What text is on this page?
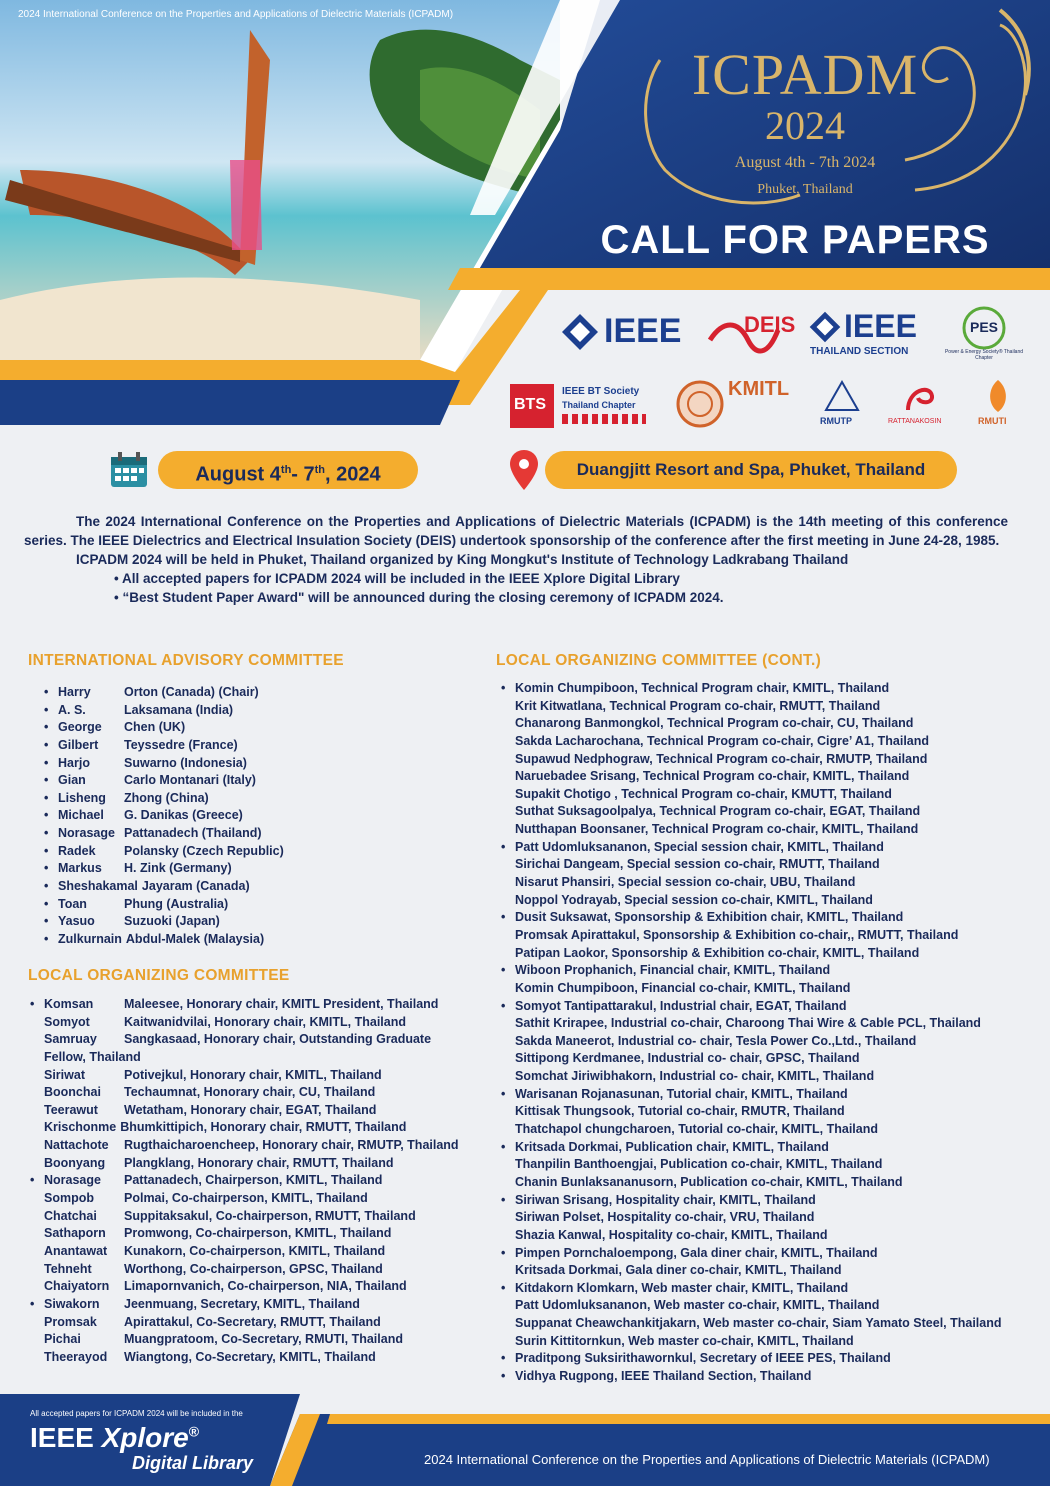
2024 International Conference on the Properties and Applications of Dielectric Materials (ICPADM)
ICPADM
2024
August 4th - 7th 2024
Phuket, Thailand
CALL FOR PAPERS
IEEE	DEIS IEEE
THAILAND SECTION
PES
Power & Energy Society® Thailand Chapter
BTS
IEEE BT Society
Thailand Chapter
KMITL
RMUTP	RATTANAKOSIN	RMUTI
August 4th- 7th, 2024	Duangjitt Resort and Spa, Phuket, Thailand

The 2024 International Conference on the Properties and Applications of Dielectric Materials (ICPADM) is the 14th meeting of this conference series. The IEEE Dielectrics and Electrical Insulation Society (DEIS) undertook sponsorship of the conference after the first meeting in June 24-28, 1985.

ICPADM 2024 will be held in Phuket, Thailand organized by King Mongkut's Institute of Technology Ladkrabang Thailand

• All accepted papers for ICPADM 2024 will be included in the IEEE Xplore Digital Library

• “Best Student Paper Award" will be announced during the closing ceremony of ICPADM 2024.

INTERNATIONAL ADVISORY COMMITTEE
• Harry	Orton (Canada) (Chair)
• A. S.	Laksamana (India)
• George Chen (UK)
• Gilbert Teyssedre (France)
• Harjo	Suwarno (Indonesia)
• Gian	Carlo Montanari (Italy)
• Lisheng Zhong (China)
• Michael G. Danikas (Greece)
• Norasage Pattanadech (Thailand)
• Radek Polansky (Czech Republic)
• Markus H. Zink (Germany)
• Sheshakamal Jayaram (Canada)
• Toan	Phung (Australia)
• Yasuo Suzuoki (Japan)
• Zulkurnain Abdul-Malek (Malaysia)
LOCAL ORGANIZING COMMITTEE
• Komsan Maleesee, Honorary chair, KMITL President, Thailand
Somyot	Kaitwanidvilai, Honorary chair, KMITL, Thailand
Samruay Sangkasaad, Honorary chair, Outstanding Graduate
Fellow, Thailand
Siriwat	Potivejkul, Honorary chair, KMITL, Thailand
Boonchai Techaumnat, Honorary chair, CU, Thailand
Teerawut Wetatham, Honorary chair, EGAT, Thailand
Krischonme Bhumkittipich, Honorary chair, RMUTT, Thailand
Nattachote Rugthaicharoencheep, Honorary chair, RMUTP, Thailand
Boonyang Plangklang, Honorary chair, RMUTT, Thailand
• Norasage Pattanadech, Chairperson, KMITL, Thailand
Sompob Polmai, Co-chairperson, KMITL, Thailand
Chatchai Suppitaksakul, Co-chairperson, RMUTT, Thailand
Sathaporn Promwong, Co-chairperson, KMITL, Thailand
Anantawat Kunakorn, Co-chairperson, KMITL, Thailand
Tehneht	Worthong, Co-chairperson, GPSC, Thailand
Chaiyatorn Limapornvanich, Co-chairperson, NIA, Thailand
• Siwakorn Jeenmuang, Secretary, KMITL, Thailand
Promsak Apirattakul, Co-Secretary, RMUTT, Thailand
Pichai	Muangpratoom, Co-Secretary, RMUTI, Thailand
Theerayod Wiangtong, Co-Secretary, KMITL, Thailand
LOCAL ORGANIZING COMMITTEE (CONT.)
• Komin Chumpiboon, Technical Program chair, KMITL, Thailand
Krit Kitwatlana, Technical Program co-chair, RMUTT, Thailand
Chanarong Banmongkol, Technical Program co-chair, CU, Thailand
Sakda Lacharochana, Technical Program co-chair, Cigre’ A1, Thailand
Supawud Nedphograw, Technical Program co-chair, RMUTP, Thailand
Naruebadee Srisang, Technical Program co-chair, KMITL, Thailand
Supakit Chotigo , Technical Program co-chair, KMUTT, Thailand
Suthat Suksagoolpalya, Technical Program co-chair, EGAT, Thailand
Nutthapan Boonsaner, Technical Program co-chair, KMITL, Thailand
• Patt Udomluksananon, Special session chair, KMITL, Thailand
Sirichai Dangeam, Special session co-chair, RMUTT, Thailand
Nisarut Phansiri, Special session co-chair, UBU, Thailand
Noppol Yodrayab, Special session co-chair, KMITL, Thailand
• Dusit Suksawat, Sponsorship & Exhibition chair, KMITL, Thailand
Promsak Apirattakul, Sponsorship & Exhibition co-chair,, RMUTT, Thailand
Patipan Laokor, Sponsorship & Exhibition co-chair, KMITL, Thailand
• Wiboon Prophanich, Financial chair, KMITL, Thailand
Komin Chumpiboon, Financial co-chair, KMITL, Thailand
• Somyot Tantipattarakul, Industrial chair, EGAT, Thailand
Sathit Krirapee, Industrial co-chair, Charoong Thai Wire & Cable PCL, Thailand
Sakda Maneerot, Industrial co- chair, Tesla Power Co.,Ltd., Thailand
Sittipong Kerdmanee, Industrial co- chair, GPSC, Thailand
Somchat Jiriwibhakorn, Industrial co- chair, KMITL, Thailand
• Warisanan Rojanasunan, Tutorial chair, KMITL, Thailand
Kittisak Thungsook, Tutorial co-chair, RMUTR, Thailand
Thatchapol chungcharoen, Tutorial co-chair, KMITL, Thailand
• Kritsada Dorkmai, Publication chair, KMITL, Thailand
Thanpilin Banthoengjai, Publication co-chair, KMITL, Thailand
Chanin Bunlaksananusorn, Publication co-chair, KMITL, Thailand
• Siriwan Srisang, Hospitality chair, KMITL, Thailand
Siriwan Polset, Hospitality co-chair, VRU, Thailand
Shazia Kanwal, Hospitality co-chair, KMITL, Thailand
• Pimpen Pornchaloempong, Gala diner chair, KMITL, Thailand
Kritsada Dorkmai, Gala diner co-chair, KMITL, Thailand
• Kitdakorn Klomkarn, Web master chair, KMITL, Thailand
Patt Udomluksananon, Web master co-chair, KMITL, Thailand
Suppanat Cheawchankitjakarn, Web master co-chair, Siam Yamato Steel, Thailand
Surin Kittitornkun, Web master co-chair, KMITL, Thailand
• Praditpong Suksirithawornkul, Secretary of IEEE PES, Thailand
• Vidhya Rugpong, IEEE Thailand Section, Thailand
All accepted papers for ICPADM 2024 will be included in the
IEEE Xplore®
Digital Library	2024 International Conference on the Properties and Applications of Dielectric Materials (ICPADM)
